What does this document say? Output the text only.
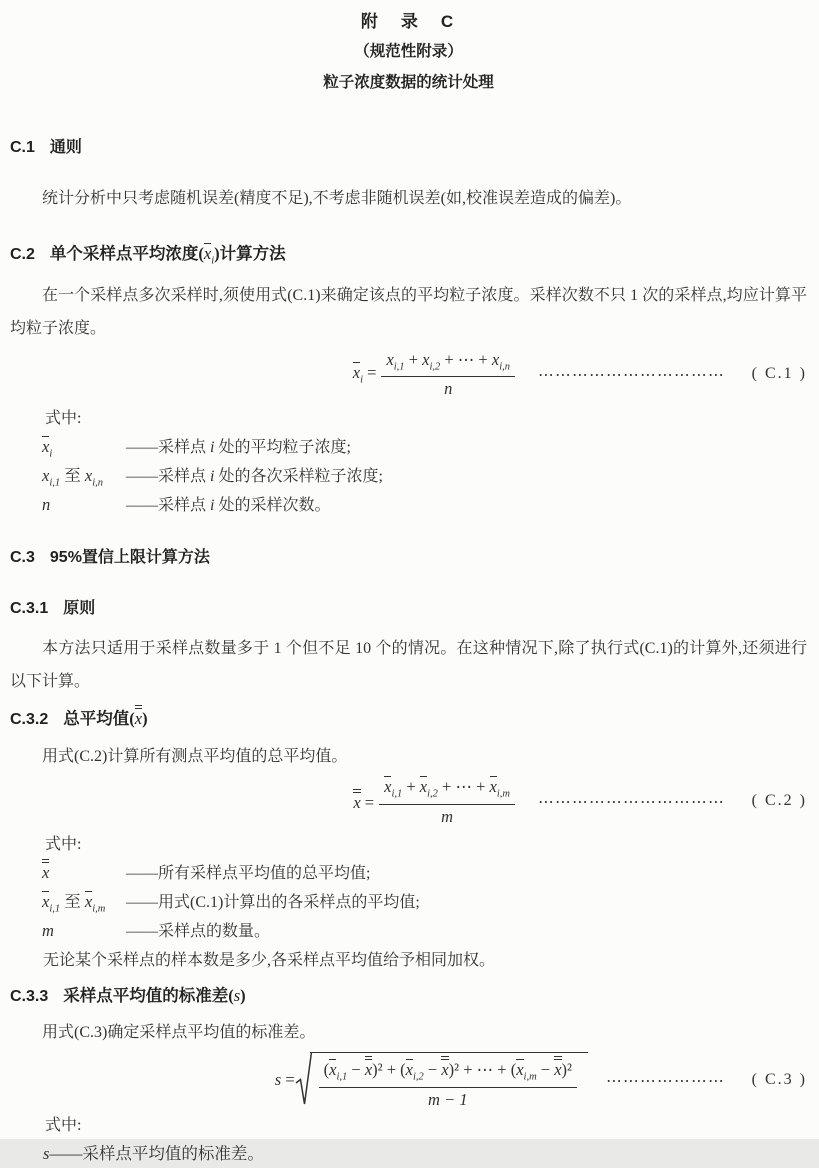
附　录　C
（规范性附录）
粒子浓度数据的统计处理
C.1 通则

统计分析中只考虑随机误差(精度不足),不考虑非随机误差(如,校准误差造成的偏差)。

C.2 单个采样点平均浓度$(x_i)$计算方法

在一个采样点多次采样时,须使用式(C.1)来确定该点的平均粒子浓度。采样次数不只 1 次的采样点,均应计算平均粒子浓度。

$x_i = \frac{x_{i,1} + x_{i,2} + \cdots + x_{i,n}}{n}$ ⋯⋯⋯⋯⋯⋯⋯⋯⋯⋯⋯	( C.1 )

式中:

$x_i$	——采样点 i 处的平均粒子浓度;
$x_{i,1}$ 至 $x_{i,n}$	——采样点 i 处的各次采样粒子浓度;
n	——采样点 i 处的采样次数。
C.3 95%置信上限计算方法
C.3.1 原则

本方法只适用于采样点数量多于 1 个但不足 10 个的情况。在这种情况下,除了执行式(C.1)的计算外,还须进行以下计算。

C.3.2 总平均值(x)

用式(C.2)计算所有测点平均值的总平均值。

$x = \frac{x_{i,1} + x_{i,2} + \cdots + x_{i,m}}{m}$ ⋯⋯⋯⋯⋯⋯⋯⋯⋯⋯⋯	( C.2 )

式中:

x	——所有采样点平均值的总平均值;
$x_{i,1}$ 至 $x_{i,m}$	——用式(C.1)计算出的各采样点的平均值;
m	——采样点的数量。

无论某个采样点的样本数是多少,各采样点平均值给予相同加权。

C.3.3 采样点平均值的标准差(s)

用式(C.3)确定采样点平均值的标准差。

$s = \frac{(x_{i,1} - x)^2 + (x_{i,2} - x)^2 + \cdots + (x_{i,m} - x)^2}{m - 1}$ ⋯⋯⋯⋯⋯⋯⋯	( C.3 )

式中:

s——采样点平均值的标准差。
